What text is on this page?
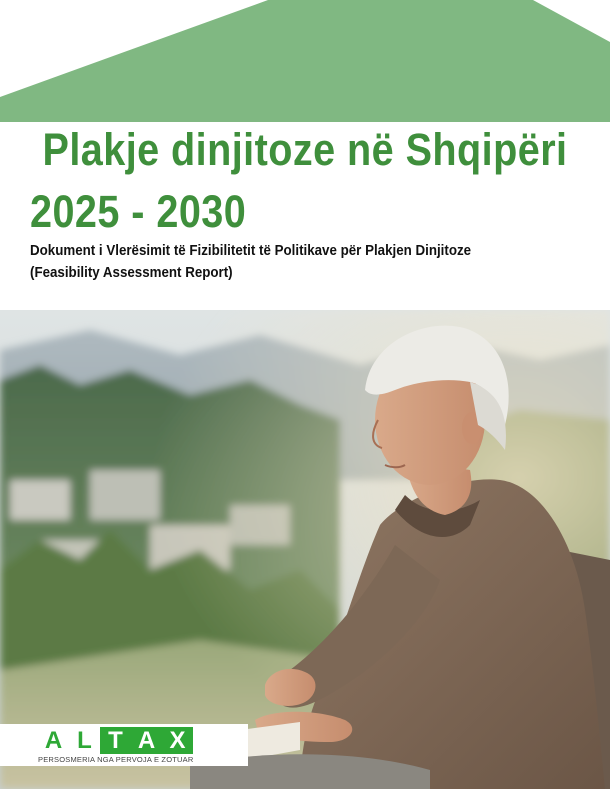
Plakje dinjitoze në Shqipëri
2025 - 2030
Dokument i Vlerësimit të Fizibilitetit të Politikave për Plakjen Dinjitoze
(Feasibility Assessment Report)
A L T A X
PERSOSMERIA NGA PERVOJA E ZOTUAR
